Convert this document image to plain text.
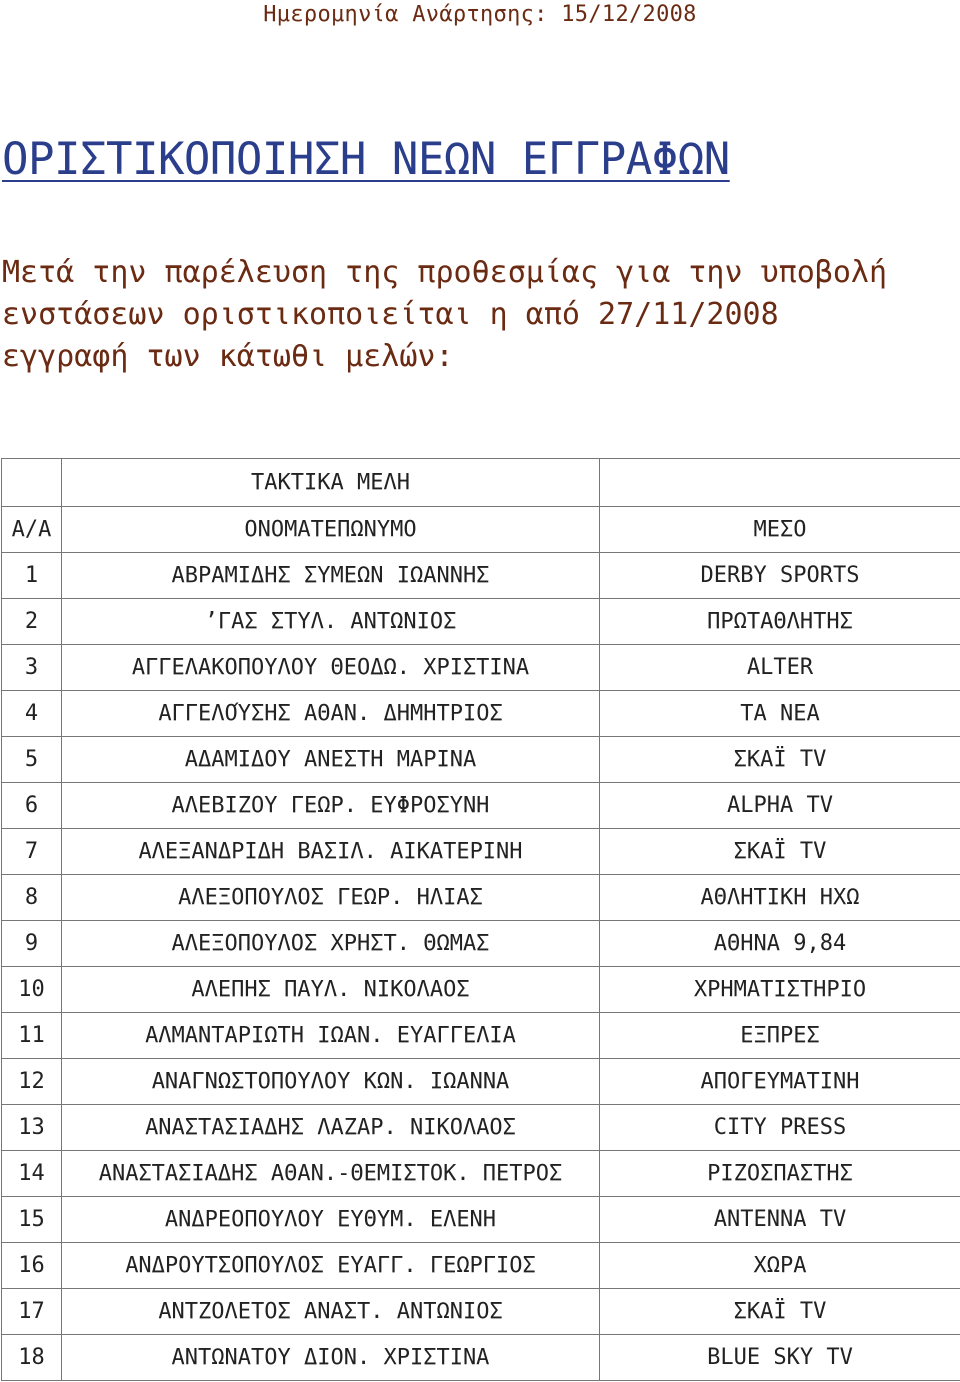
Ημερομηνία Ανάρτησης: 15/12/2008
ΟΡΙΣΤΙΚΟΠΟΙΗΣΗ ΝΕΩΝ ΕΓΓΡΑΦΩΝ
Μετά την παρέλευση της προθεσμίας για την υποβολή
ενστάσεων οριστικοποιείται η από 27/11/2008
εγγραφή των κάτωθι μελών:
	ΤΑΚΤΙΚΑ ΜΕΛΗ	
Α/Α	ΟΝΟΜΑΤΕΠΩΝΥΜΟ	ΜΕΣΟ
1	ΑΒΡΑΜΙΔΗΣ ΣΥΜΕΩΝ ΙΩΑΝΝΗΣ	DERBY SPORTS
2	’ΓΑΣ ΣΤΥΛ. ΑΝΤΩΝΙΟΣ	ΠΡΩΤΑΘΛΗΤΗΣ
3	ΑΓΓΕΛΑΚΟΠΟΥΛΟΥ ΘΕΟΔΩ. ΧΡΙΣΤΙΝΑ	ALTER
4	ΑΓΓΕΛΟΎΣΗΣ ΑΘΑΝ. ΔΗΜΗΤΡΙΟΣ	ΤΑ ΝΕΑ
5	ΑΔΑΜΙΔΟΥ ΑΝΕΣΤΗ ΜΑΡΙΝΑ	ΣΚΑΪ TV
6	ΑΛΕΒΙΖΟΥ ΓΕΩΡ. ΕΥΦΡΟΣΥΝΗ	ALPHA TV
7	ΑΛΕΞΑΝΔΡΙΔΗ ΒΑΣΙΛ. ΑΙΚΑΤΕΡΙΝΗ	ΣΚΑΪ TV
8	ΑΛΕΞΟΠΟΥΛΟΣ ΓΕΩΡ. ΗΛΙΑΣ	ΑΘΛΗΤΙΚΗ ΗΧΩ
9	ΑΛΕΞΟΠΟΥΛΟΣ ΧΡΗΣΤ. ΘΩΜΑΣ	ΑΘΗΝΑ 9,84
10	ΑΛΕΠΗΣ ΠΑΥΛ. ΝΙΚΟΛΑΟΣ	ΧΡΗΜΑΤΙΣΤΗΡΙΟ
11	ΑΛΜΑΝΤΑΡΙΩΤΗ ΙΩΑΝ. ΕΥΑΓΓΕΛΙΑ	ΕΞΠΡΕΣ
12	ΑΝΑΓΝΩΣΤΟΠΟΥΛΟΥ ΚΩΝ. ΙΩΑΝΝΑ	ΑΠΟΓΕΥΜΑΤΙΝΗ
13	ΑΝΑΣΤΑΣΙΑΔΗΣ ΛΑΖΑΡ. ΝΙΚΟΛΑΟΣ	CITY PRESS
14	ΑΝΑΣΤΑΣΙΑΔΗΣ ΑΘΑΝ.-ΘΕΜΙΣΤΟΚ. ΠΕΤΡΟΣ	ΡΙΖΟΣΠΑΣΤΗΣ
15	ΑΝΔΡΕΟΠΟΥΛΟΥ ΕΥΘΥΜ. ΕΛΕΝΗ	ANTENNA TV
16	ΑΝΔΡΟΥΤΣΟΠΟΥΛΟΣ ΕΥΑΓΓ. ΓΕΩΡΓΙΟΣ	ΧΩΡΑ
17	ΑΝΤΖΟΛΕΤΟΣ ΑΝΑΣΤ. ΑΝΤΩΝΙΟΣ	ΣΚΑΪ TV
18	ΑΝΤΩΝΑΤΟΥ ΔΙΟΝ. ΧΡΙΣΤΙΝΑ	BLUE SKY TV
